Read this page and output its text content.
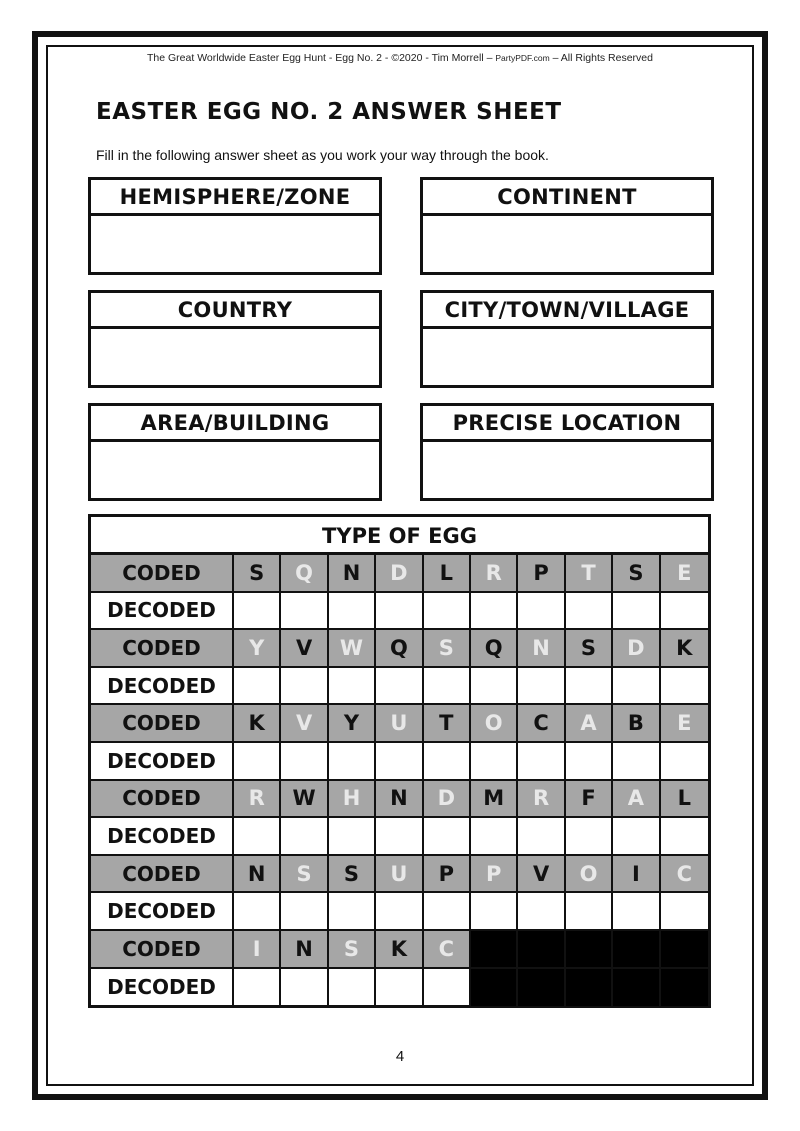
The Great Worldwide Easter Egg Hunt - Egg No. 2 - ©2020 - Tim Morrell – PartyPDF.com – All Rights Reserved
EASTER EGG NO. 2 ANSWER SHEET
Fill in the following answer sheet as you work your way through the book.
HEMISPHERE/ZONE	CONTINENT
COUNTRY	CITY/TOWN/VILLAGE
AREA/BUILDING	PRECISE LOCATION
TYPE OF EGG
CODED	S	Q	N	D	L	R	P	T	S	E
DECODED
CODED	Y	V	W	Q	S	Q	N	S	D	K
DECODED
CODED	K	V	Y	U	T	O	C	A	B	E
DECODED
CODED	R	W	H	N	D	M	R	F	A	L
DECODED
CODED	N	S	S	U	P	P	V	O	I	C
DECODED
CODED	I	N	S	K	C
DECODED
4
